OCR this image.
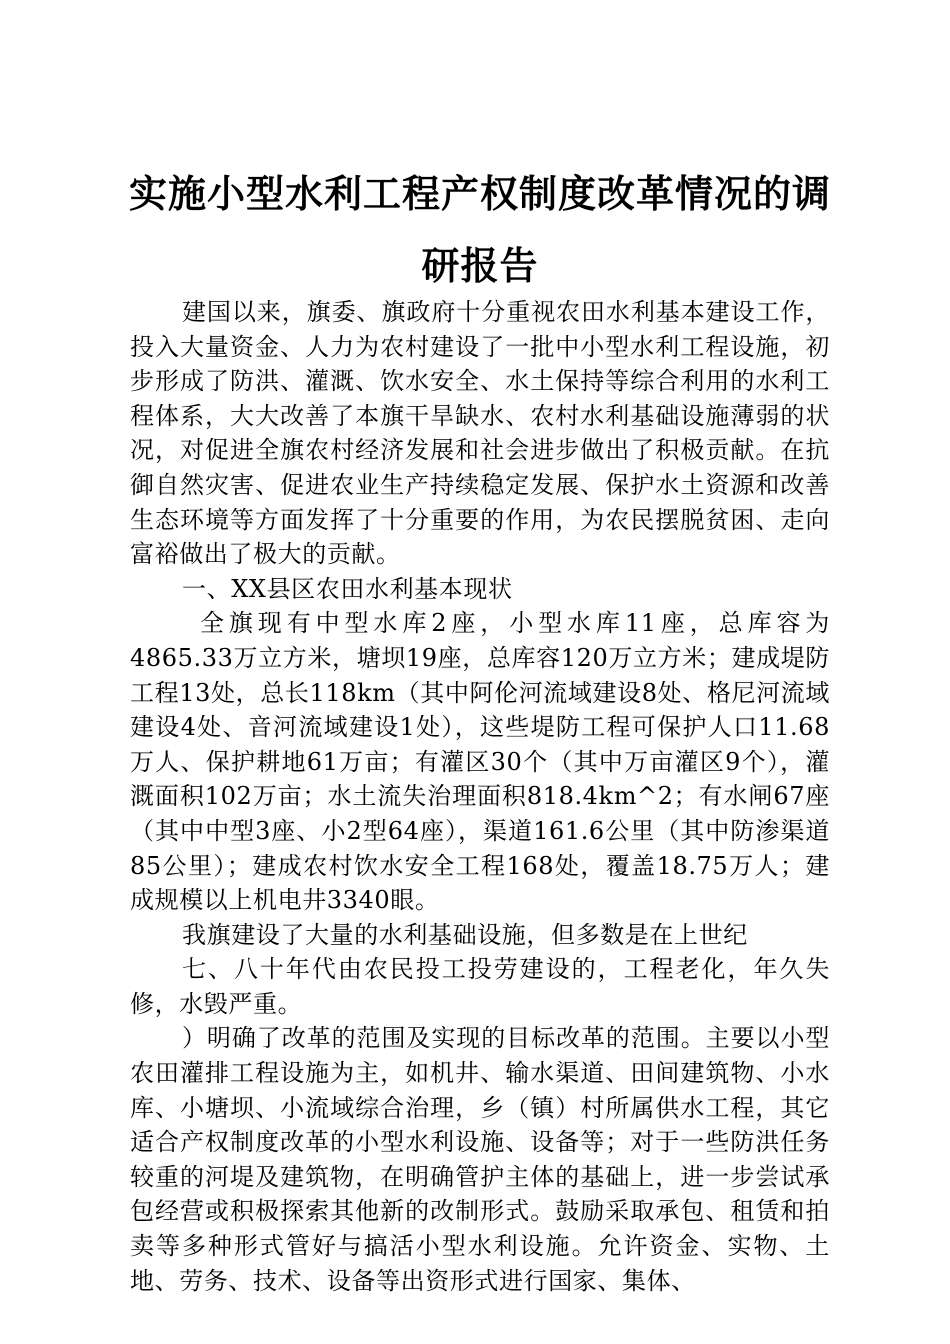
实施小型水利工程产权制度改革情况的调研报告

建国以来，旗委、旗政府十分重视农田水利基本建设工作，投入大量资金、人力为农村建设了一批中小型水利工程设施，初步形成了防洪、灌溉、饮水安全、水土保持等综合利用的水利工程体系，大大改善了本旗干旱缺水、农村水利基础设施薄弱的状况，对促进全旗农村经济发展和社会进步做出了积极贡献。在抗御自然灾害、促进农业生产持续稳定发展、保护水土资源和改善生态环境等方面发挥了十分重要的作用，为农民摆脱贫困、走向富裕做出了极大的贡献。

一、XX县区农田水利基本现状

全旗现有中型水库2座，小型水库11座，总库容为4865.33万立方米，塘坝19座，总库容120万立方米；建成堤防工程13处，总长118km（其中阿伦河流域建设8处、格尼河流域建设4处、音河流域建设1处），这些堤防工程可保护人口11.68万人、保护耕地61万亩；有灌区30个（其中万亩灌区9个），灌溉面积102万亩；水土流失治理面积818.4km^2；有水闸67座（其中中型3座、小2型64座），渠道161.6公里（其中防渗渠道85公里）；建成农村饮水安全工程168处，覆盖18.75万人；建成规模以上机电井3340眼。

我旗建设了大量的水利基础设施，但多数是在上世纪

七、八十年代由农民投工投劳建设的，工程老化，年久失修，水毁严重。

）明确了改革的范围及实现的目标改革的范围。主要以小型农田灌排工程设施为主，如机井、输水渠道、田间建筑物、小水库、小塘坝、小流域综合治理，乡（镇）村所属供水工程，其它适合产权制度改革的小型水利设施、设备等；对于一些防洪任务较重的河堤及建筑物，在明确管护主体的基础上，进一步尝试承包经营或积极探索其他新的改制形式。鼓励采取承包、租赁和拍卖等多种形式管好与搞活小型水利设施。允许资金、实物、土地、劳务、技术、设备等出资形式进行国家、集体、
